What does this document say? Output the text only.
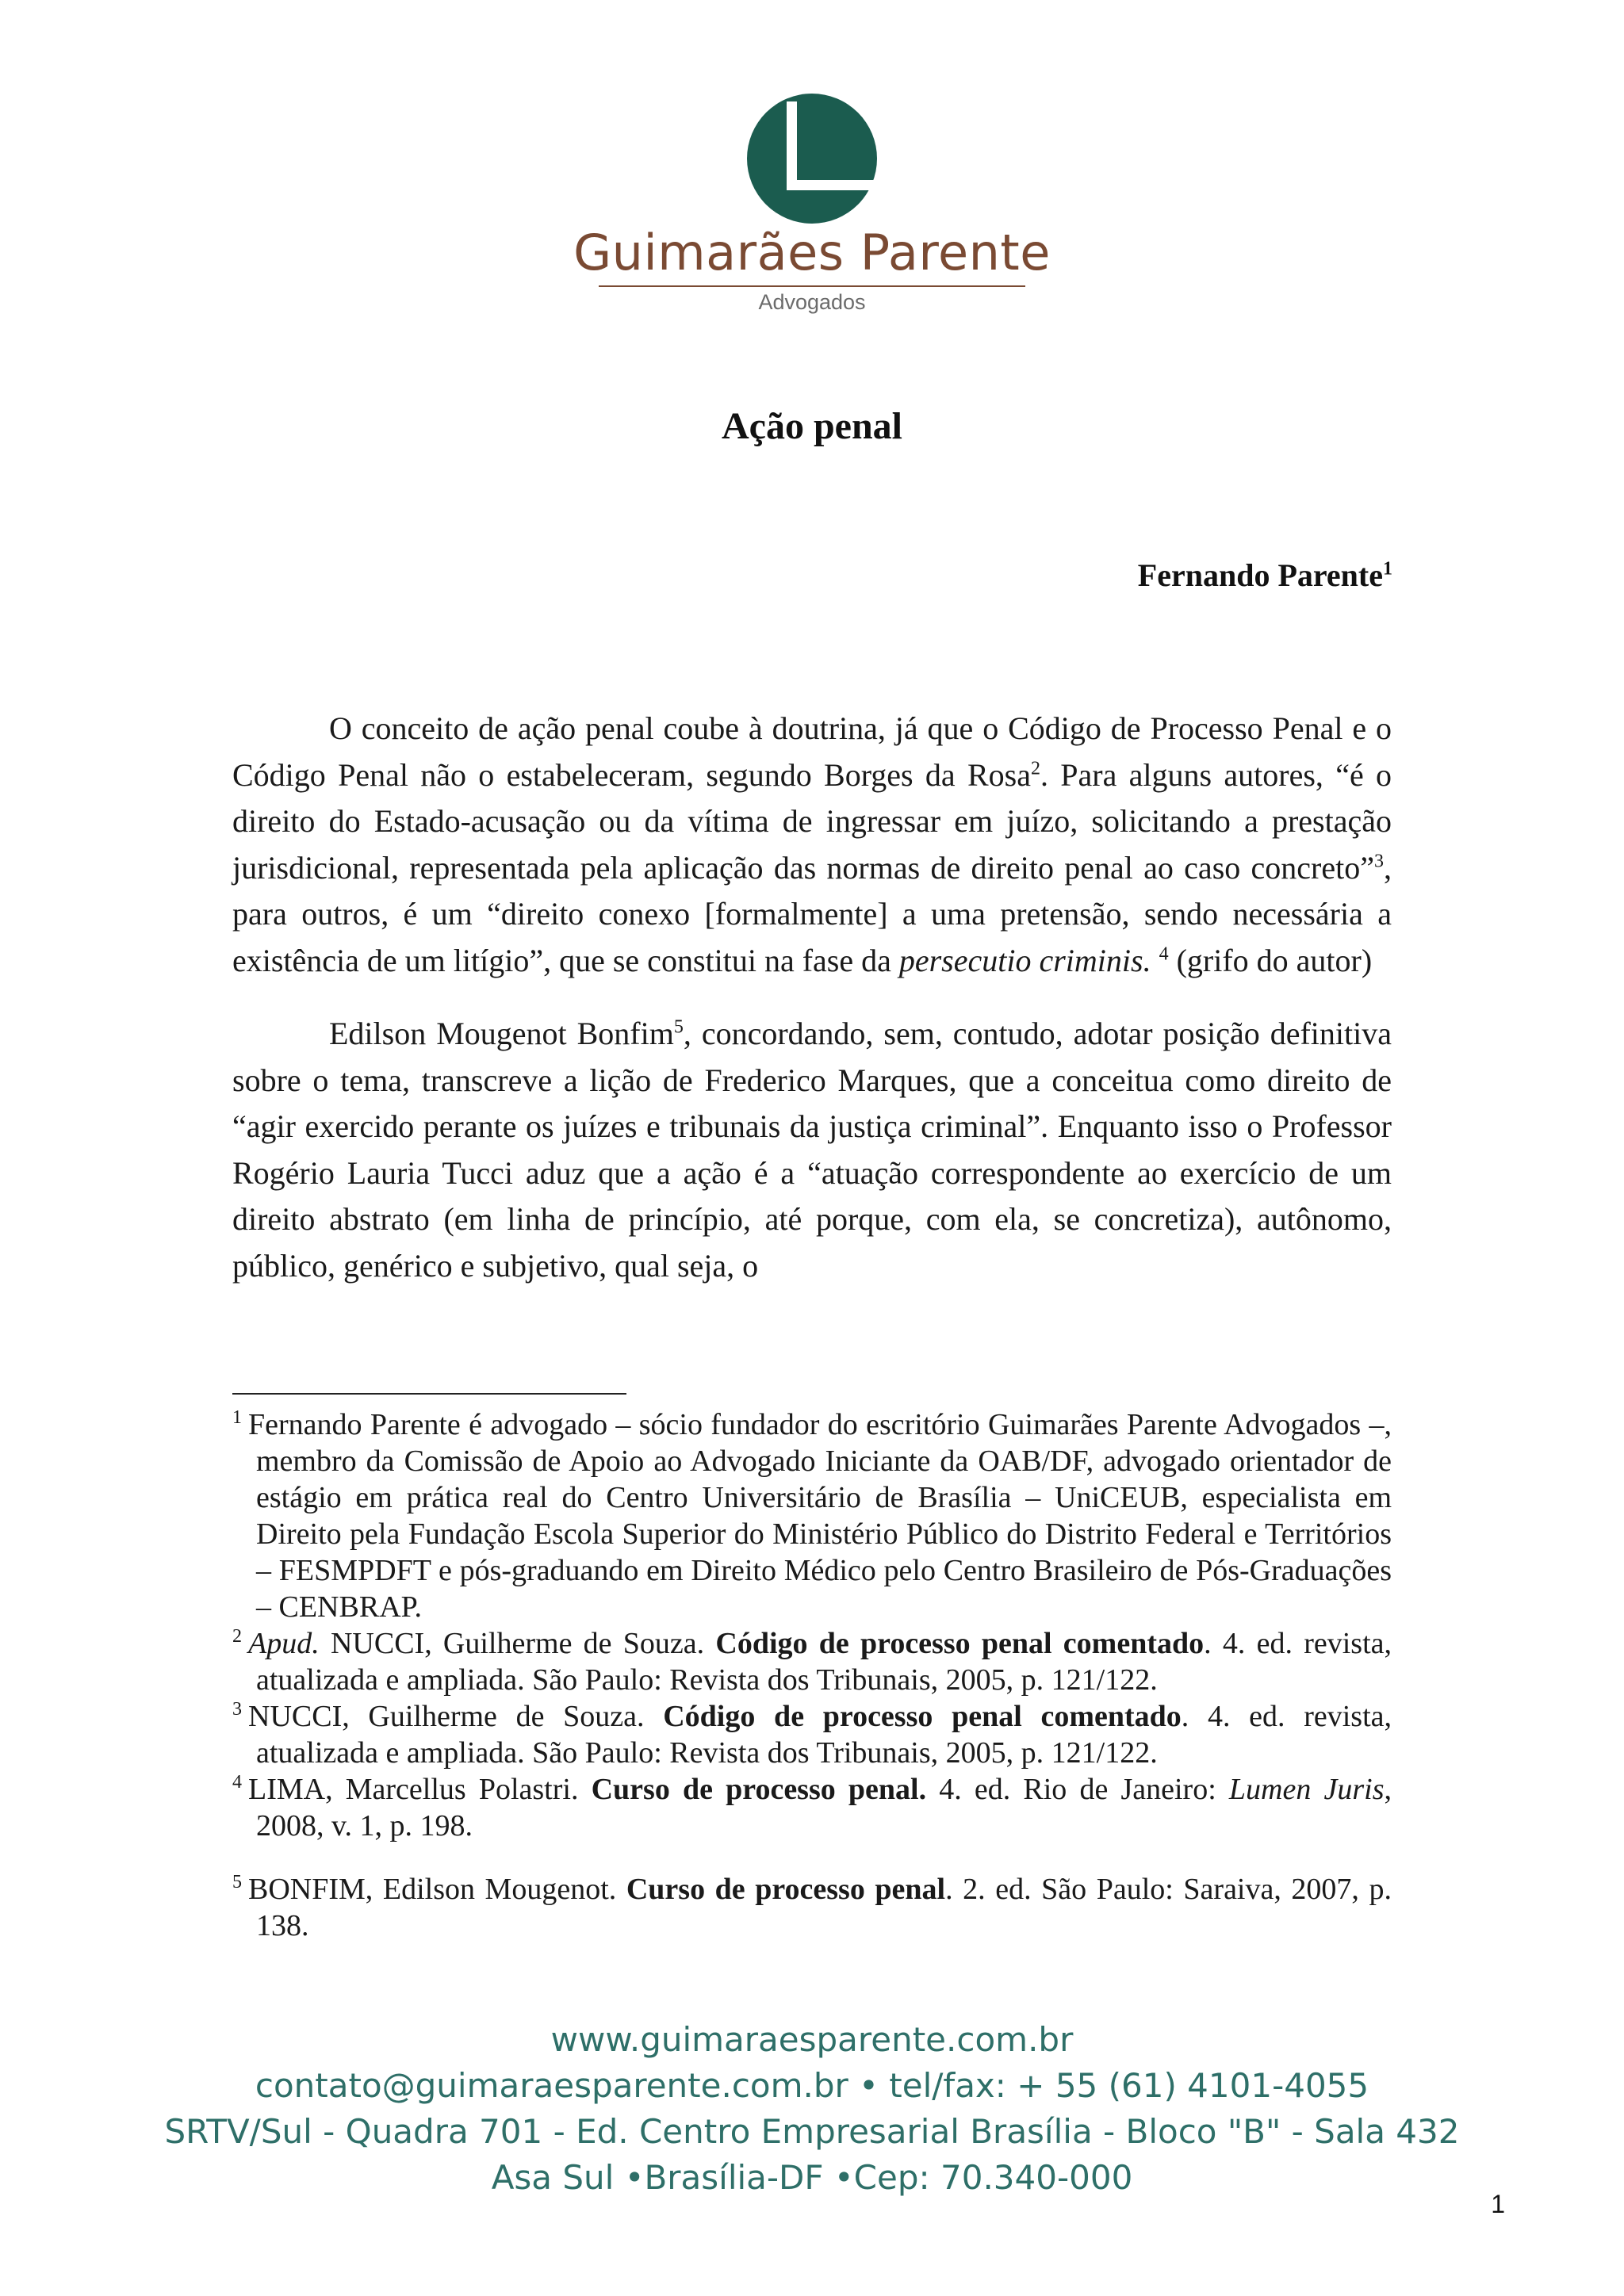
Guimarães Parente
Advogados
Ação penal
Fernando Parente$^1$

O conceito de ação penal coube à doutrina, já que o Código de Processo Penal e o Código Penal não o estabeleceram, segundo Borges da Rosa$^2$. Para alguns autores, “é o direito do Estado-acusação ou da vítima de ingressar em juízo, solicitando a prestação jurisdicional, representada pela aplicação das normas de direito penal ao caso concreto”$^3$, para outros, é um “direito conexo [formalmente] a uma pretensão, sendo necessária a existência de um litígio”, que se constitui na fase da persecutio criminis. $^4$ (grifo do autor)

Edilson Mougenot Bonfim$^5$, concordando, sem, contudo, adotar posição definitiva sobre o tema, transcreve a lição de Frederico Marques, que a conceitua como direito de “agir exercido perante os juízes e tribunais da justiça criminal”. Enquanto isso o Professor Rogério Lauria Tucci aduz que a ação é a “atuação correspondente ao exercício de um direito abstrato (em linha de princípio, até porque, com ela, se concretiza), autônomo, público, genérico e subjetivo, qual seja, o

$^1$ Fernando Parente é advogado – sócio fundador do escritório Guimarães Parente Advogados –, membro da Comissão de Apoio ao Advogado Iniciante da OAB/DF, advogado orientador de estágio em prática real do Centro Universitário de Brasília – UniCEUB, especialista em Direito pela Fundação Escola Superior do Ministério Público do Distrito Federal e Territórios – FESMPDFT e pós-graduando em Direito Médico pelo Centro Brasileiro de Pós-Graduações – CENBRAP.

$^2$ Apud. NUCCI, Guilherme de Souza. Código de processo penal comentado. 4. ed. revista, atualizada e ampliada. São Paulo: Revista dos Tribunais, 2005, p. 121/122.

$^3$ NUCCI, Guilherme de Souza. Código de processo penal comentado. 4. ed. revista, atualizada e ampliada. São Paulo: Revista dos Tribunais, 2005, p. 121/122.

$^4$ LIMA, Marcellus Polastri. Curso de processo penal. 4. ed. Rio de Janeiro: Lumen Juris, 2008, v. 1, p. 198.

$^5$ BONFIM, Edilson Mougenot. Curso de processo penal. 2. ed. São Paulo: Saraiva, 2007, p. 138.

www.guimaraesparente.com.br
contato@guimaraesparente.com.br • tel/fax: + 55 (61) 4101-4055
SRTV/Sul - Quadra 701 - Ed. Centro Empresarial Brasília - Bloco "B" - Sala 432
Asa Sul •Brasília-DF •Cep: 70.340-000
1
